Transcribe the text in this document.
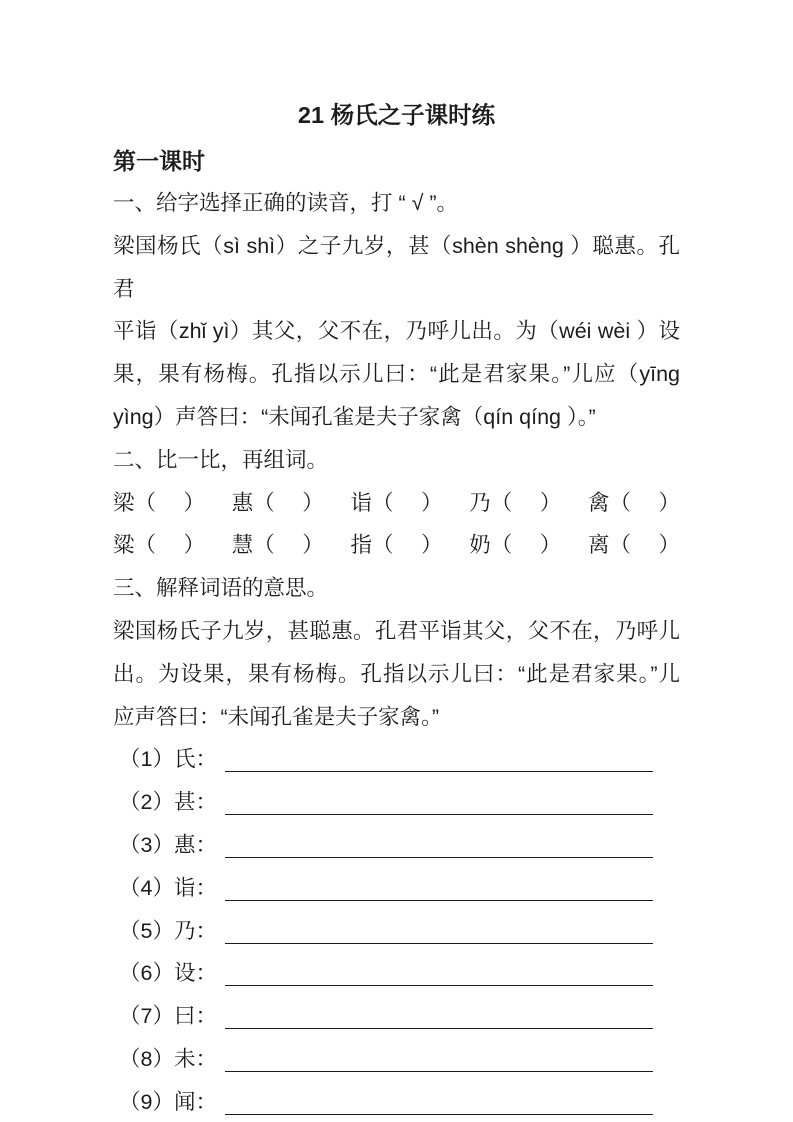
21 杨氏之子课时练
第一课时
一、给字选择正确的读音，打 “ √ ”。
梁国杨氏（sì shì）之子九岁，甚（shèn shèng ）聪惠。孔君
平诣（zhǐ yì）其父，父不在，乃呼儿出。为（wéi wèi ）设
果，果有杨梅。孔指以示儿曰：“此是君家果。”儿应（yīng
yìng）声答曰：“未闻孔雀是夫子家禽（qín qíng ）。”
二、比一比，再组词。
梁（　 ） 惠（　 ） 诣（　 ） 乃（　 ） 禽（　 ）
粱（　 ） 慧（　 ） 指（　 ） 奶（　 ） 离（　 ）
三、解释词语的意思。
梁国杨氏子九岁，甚聪惠。孔君平诣其父，父不在，乃呼儿
出。为设果，果有杨梅。孔指以示儿曰：“此是君家果。”儿
应声答曰：“未闻孔雀是夫子家禽。”
（1）氏：
（2）甚：
（3）惠：
（4）诣：
（5）乃：
（6）设：
（7）曰：
（8）未：
（9）闻：
